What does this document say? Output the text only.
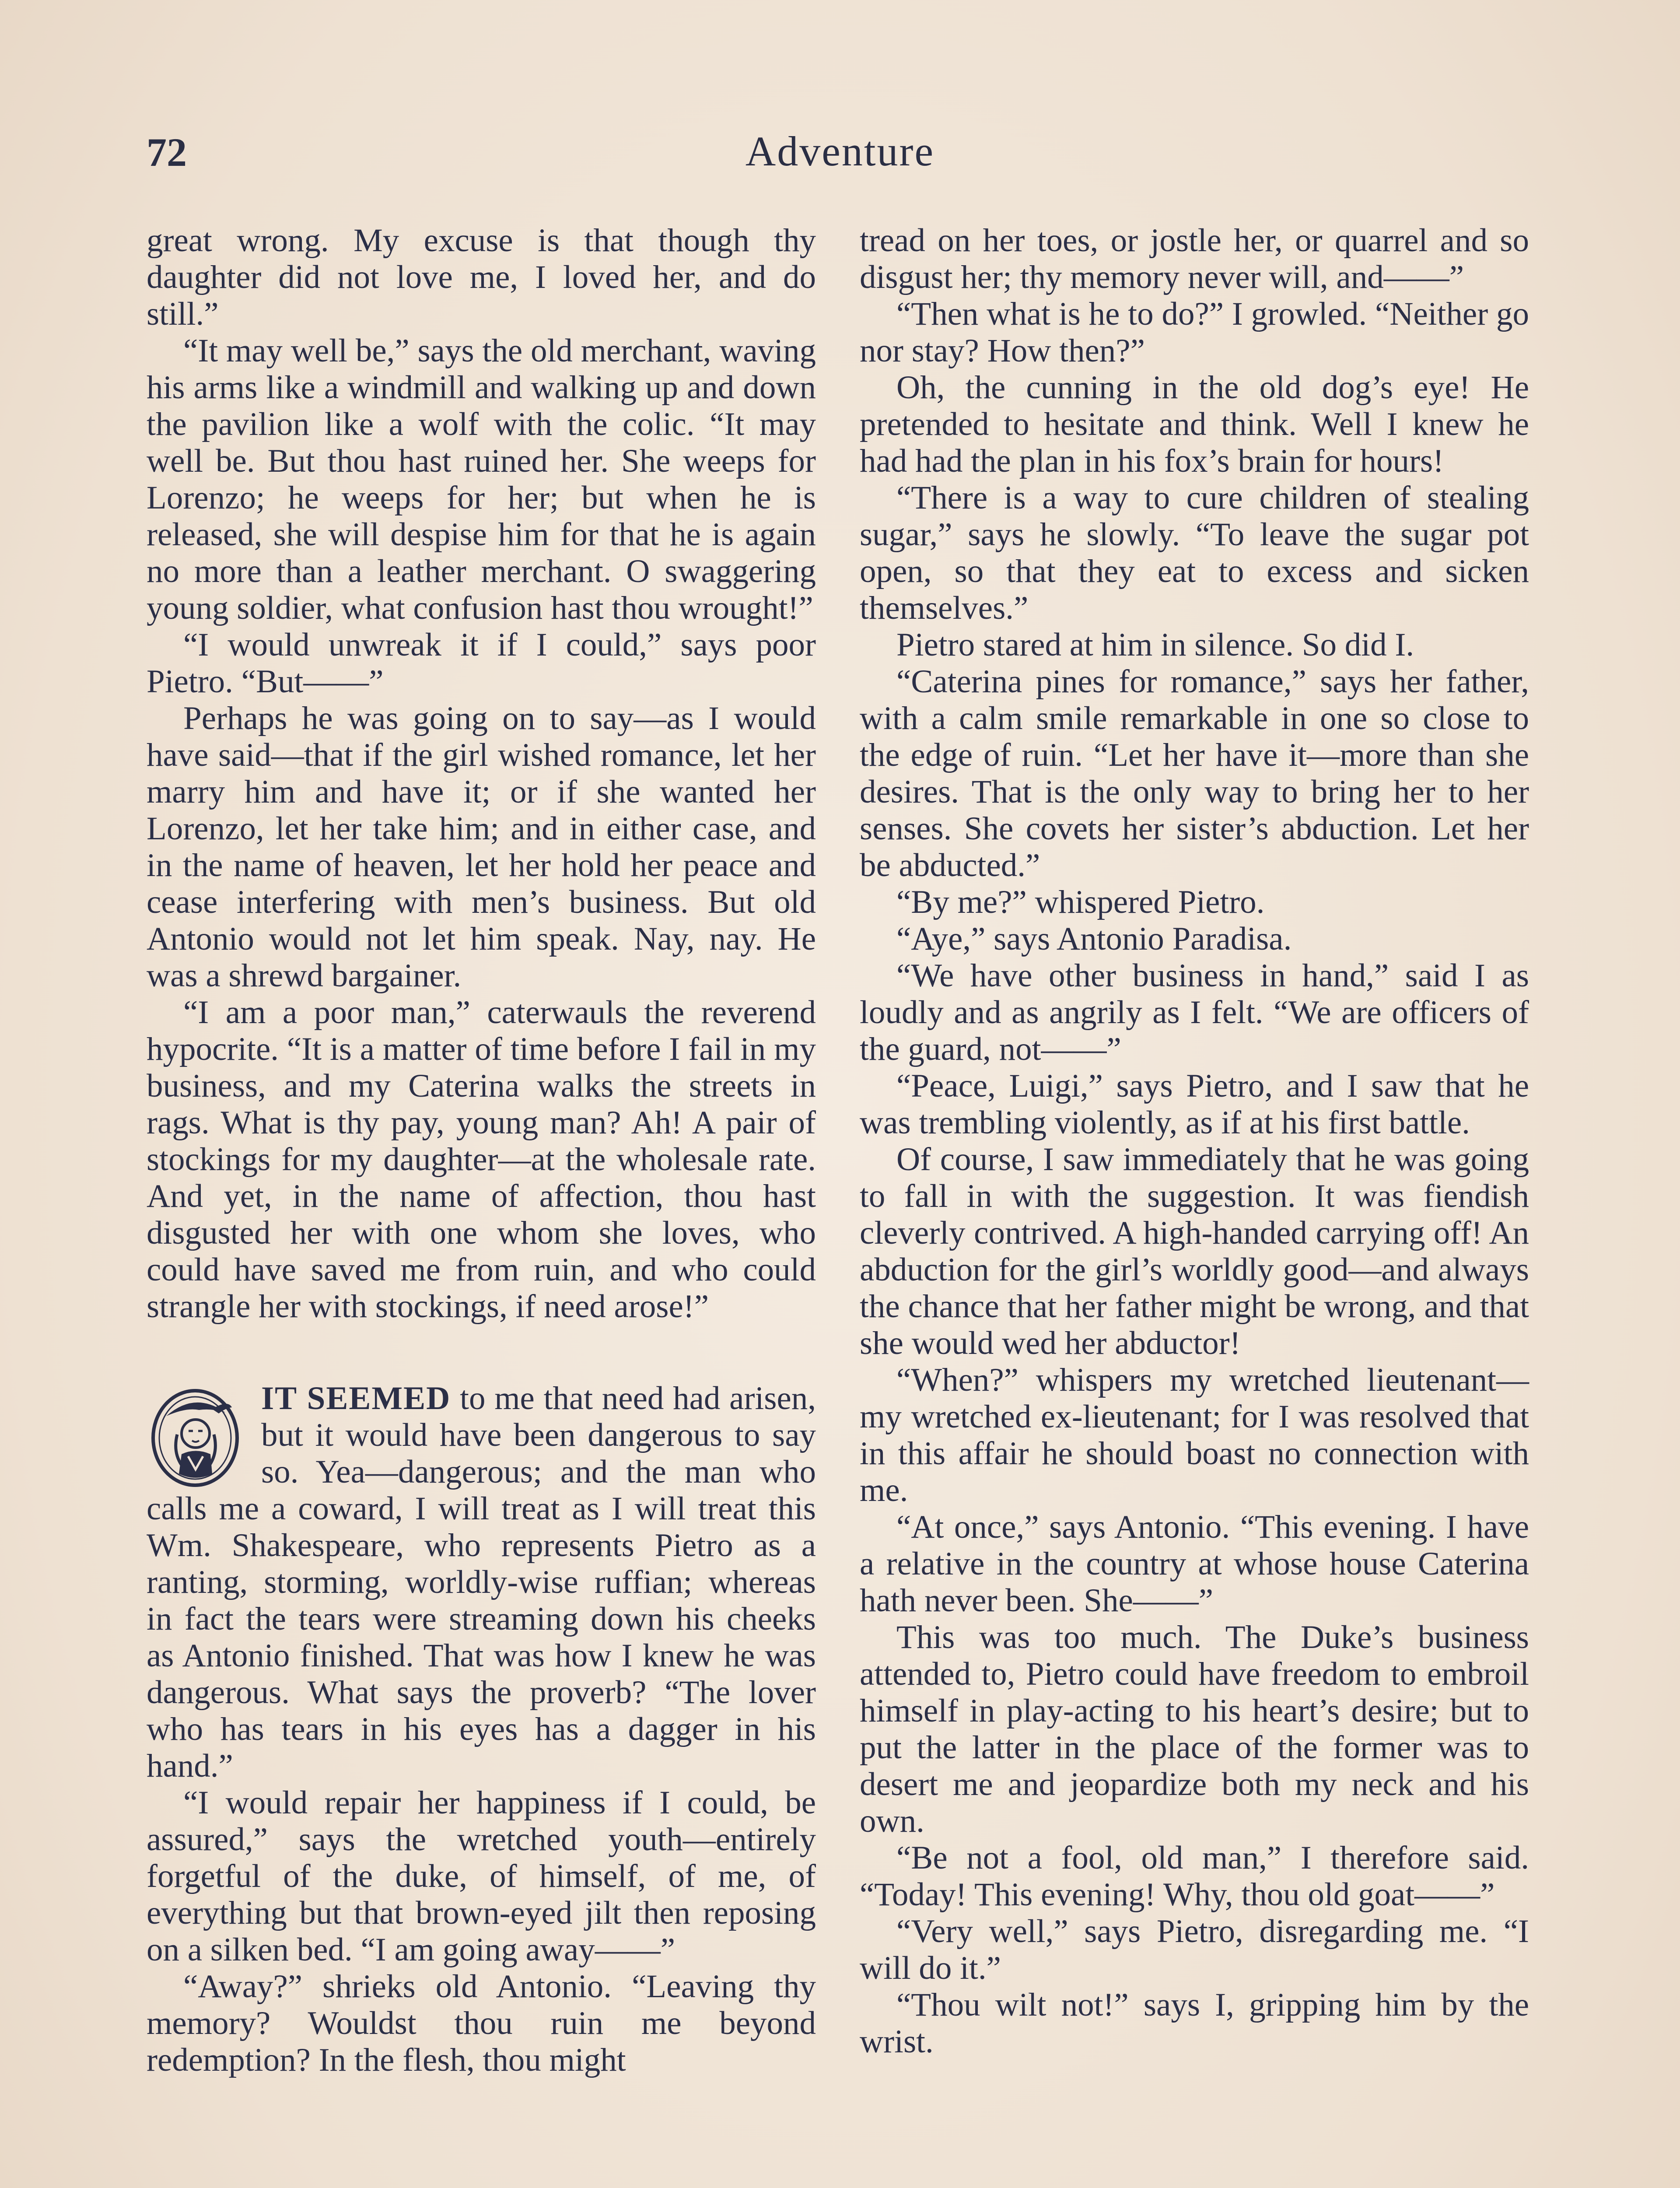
72	Adventure

great wrong. My excuse is that though thy daughter did not love me, I loved her, and do still.”

“It may well be,” says the old merchant, waving his arms like a windmill and walking up and down the pavilion like a wolf with the colic. “It may well be. But thou hast ruined her. She weeps for Lorenzo; he weeps for her; but when he is released, she will despise him for that he is again no more than a leather merchant. O swaggering young soldier, what confusion hast thou wrought!”

“I would unwreak it if I could,” says poor Pietro. “But——”

Perhaps he was going on to say—as I would have said—that if the girl wished romance, let her marry him and have it; or if she wanted her Lorenzo, let her take him; and in either case, and in the name of heaven, let her hold her peace and cease interfering with men’s business. But old Antonio would not let him speak. Nay, nay. He was a shrewd bargainer.

“I am a poor man,” caterwauls the reverend hypocrite. “It is a matter of time before I fail in my business, and my Caterina walks the streets in rags. What is thy pay, young man? Ah! A pair of stockings for my daughter—at the wholesale rate. And yet, in the name of affection, thou hast disgusted her with one whom she loves, who could have saved me from ruin, and who could strangle her with stockings, if need arose!”

IT SEEMED to me that need had arisen, but it would have been dangerous to say so. Yea—dangerous; and the man who calls me a coward, I will treat as I will treat this Wm. Shakespeare, who represents Pietro as a ranting, storming, worldly-wise ruffian; whereas in fact the tears were streaming down his cheeks as Antonio finished. That was how I knew he was dangerous. What says the proverb? “The lover who has tears in his eyes has a dagger in his hand.”

“I would repair her happiness if I could, be assured,” says the wretched youth—entirely forgetful of the duke, of himself, of me, of everything but that brown-eyed jilt then reposing on a silken bed. “I am going away——”

“Away?” shrieks old Antonio. “Leaving thy memory? Wouldst thou ruin me beyond redemption? In the flesh, thou might

tread on her toes, or jostle her, or quarrel and so disgust her; thy memory never will, and——”

“Then what is he to do?” I growled. “Neither go nor stay? How then?”

Oh, the cunning in the old dog’s eye! He pretended to hesitate and think. Well I knew he had had the plan in his fox’s brain for hours!

“There is a way to cure children of stealing sugar,” says he slowly. “To leave the sugar pot open, so that they eat to excess and sicken themselves.”

Pietro stared at him in silence. So did I.

“Caterina pines for romance,” says her father, with a calm smile remarkable in one so close to the edge of ruin. “Let her have it—more than she desires. That is the only way to bring her to her senses. She covets her sister’s abduction. Let her be abducted.”

“By me?” whispered Pietro.

“Aye,” says Antonio Paradisa.

“We have other business in hand,” said I as loudly and as angrily as I felt. “We are officers of the guard, not——”

“Peace, Luigi,” says Pietro, and I saw that he was trembling violently, as if at his first battle.

Of course, I saw immediately that he was going to fall in with the suggestion. It was fiendish cleverly contrived. A high-handed carrying off! An abduction for the girl’s worldly good—and always the chance that her father might be wrong, and that she would wed her abductor!

“When?” whispers my wretched lieutenant—my wretched ex-lieutenant; for I was resolved that in this affair he should boast no connection with me.

“At once,” says Antonio. “This evening. I have a relative in the country at whose house Caterina hath never been. She——”

This was too much. The Duke’s business attended to, Pietro could have freedom to embroil himself in play-acting to his heart’s desire; but to put the latter in the place of the former was to desert me and jeopardize both my neck and his own.

“Be not a fool, old man,” I therefore said. “Today! This evening! Why, thou old goat——”

“Very well,” says Pietro, disregarding me. “I will do it.”

“Thou wilt not!” says I, gripping him by the wrist.
